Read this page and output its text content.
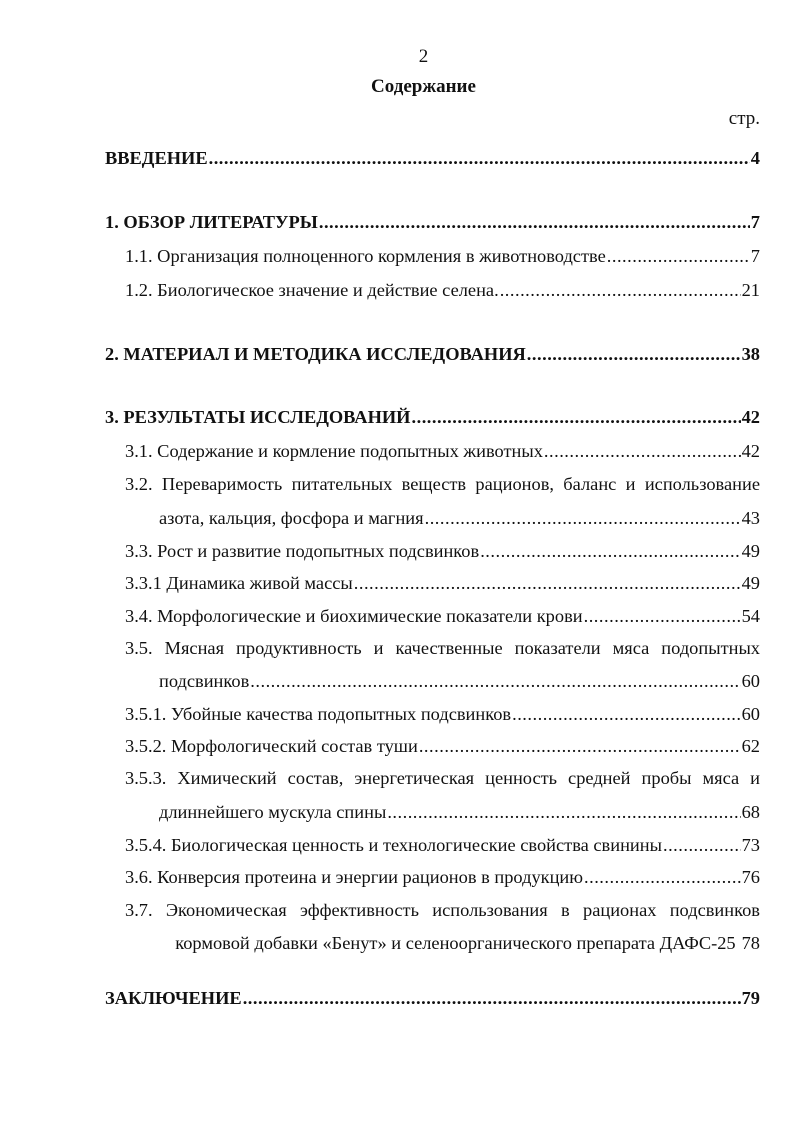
2
Содержание
стр.
ВВЕДЕНИЕ .....	4
1. ОБЗОР ЛИТЕРАТУРЫ .....	7
1.1. Организация полноценного кормления в животноводстве .....	7
1.2. Биологическое значение и действие селена. .....	21
2. МАТЕРИАЛ И МЕТОДИКА ИССЛЕДОВАНИЯ .....	38
3. РЕЗУЛЬТАТЫ ИССЛЕДОВАНИЙ .....	42
3.1. Содержание и кормление подопытных животных .....	42
3.2. Переваримость питательных веществ рационов, баланс и использование
азота, кальция, фосфора и магния .....	43
3.3. Рост и развитие подопытных подсвинков .....	49
3.3.1 Динамика живой массы .....	49
3.4. Морфологические и биохимические показатели крови .....	54
3.5. Мясная продуктивность и качественные показатели мяса подопытных
подсвинков .....	60
3.5.1. Убойные качества подопытных подсвинков .....	60
3.5.2. Морфологический состав туши .....	62
3.5.3. Химический состав, энергетическая ценность средней пробы мяса и
длиннейшего мускула спины .....	68
3.5.4. Биологическая ценность и технологические свойства свинины .....	73
3.6. Конверсия протеина и энергии рационов в продукцию .....	76
3.7. Экономическая эффективность использования в рационах подсвинков
кормовой добавки «Бенут» и селеноорганического препарата ДАФС-25 78
ЗАКЛЮЧЕНИЕ .....	79
